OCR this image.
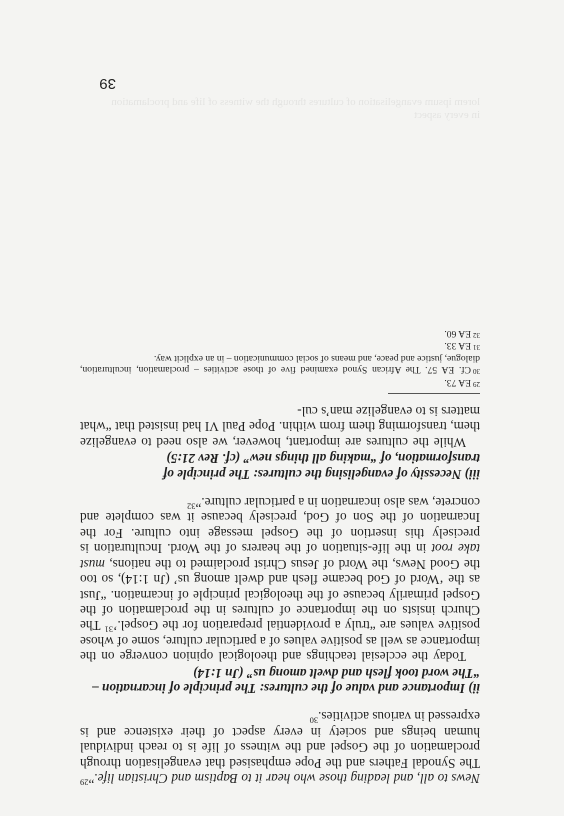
lorem ipsum evangelisation of cultures through the witness of life and proclamation in every aspect

News to all, and leading those who hear it to Baptism and Christian life.”$^{29}$ The Synodal Fathers and the Pope emphasised that evangelisation through proclamation of the Gospel and the witness of life is to reach individual human beings and society in every aspect of their existence and is expressed in various activities.$^{30}$

ii) Importance and value of the cultures: The principle of incarnation – “The word took flesh and dwelt among us” (Jn 1:14)

Today the ecclesial teachings and theological opinion converge on the importance as well as positive values of a particular culture, some of whose positive values are “truly a providential preparation for the Gospel.’$^{31}$ The Church insists on the importance of cultures in the proclamation of the Gospel primarily because of the theological principle of incarnation. “Just as the ‘Word of God became flesh and dwelt among us’ (Jn 1:14), so too the Good News, the Word of Jesus Christ proclaimed to the nations, must take root in the life-situation of the hearers of the Word. Inculturation is precisely this insertion of the Gospel message into culture. For the Incarnation of the Son of God, precisely because it was complete and concrete, was also incarnation in a particular culture.”$^{32}$

iii) Necessity of evangelising the cultures: The principle of transformation, of “making all things new” (cf. Rev 21:5)

While the cultures are important, however, we also need to evangelize them, transforming them from within. Pope Paul VI had insisted that “what matters is to evangelize man’s cul-

$^{29}$EA 73.

$^{30}$Cf. EA 57. The African Synod examined five of those activities – proclamation, inculturation, dialogue, justice and peace, and means of social communication – in an explicit way.

$^{31}$EA 33.

$^{32}$EA 60.

39
